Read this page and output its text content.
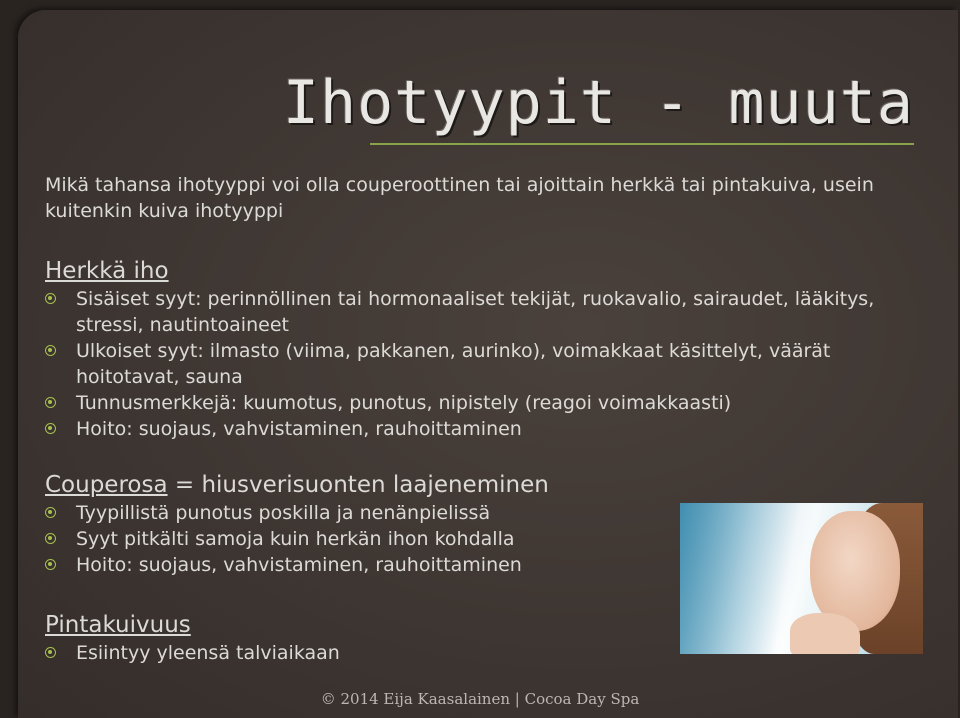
Ihotyypit - muuta

Mikä tahansa ihotyyppi voi olla couperoottinen tai ajoittain herkkä tai pintakuiva, usein kuitenkin kuiva ihotyyppi

Herkkä iho

Sisäiset syyt: perinnöllinen tai hormonaaliset tekijät, ruokavalio, sairaudet, lääkitys, stressi, nautintoaineet
Ulkoiset syyt: ilmasto (viima, pakkanen, aurinko), voimakkaat käsittelyt, väärät hoitotavat, sauna
Tunnusmerkkejä: kuumotus, punotus, nipistely (reagoi voimakkaasti)
Hoito: suojaus, vahvistaminen, rauhoittaminen

Couperosa = hiusverisuonten laajeneminen

Tyypillistä punotus poskilla ja nenänpielissä
Syyt pitkälti samoja kuin herkän ihon kohdalla
Hoito: suojaus, vahvistaminen, rauhoittaminen

Pintakuivuus

Esiintyy yleensä talviaikaan
© 2014 Eija Kaasalainen | Cocoa Day Spa
